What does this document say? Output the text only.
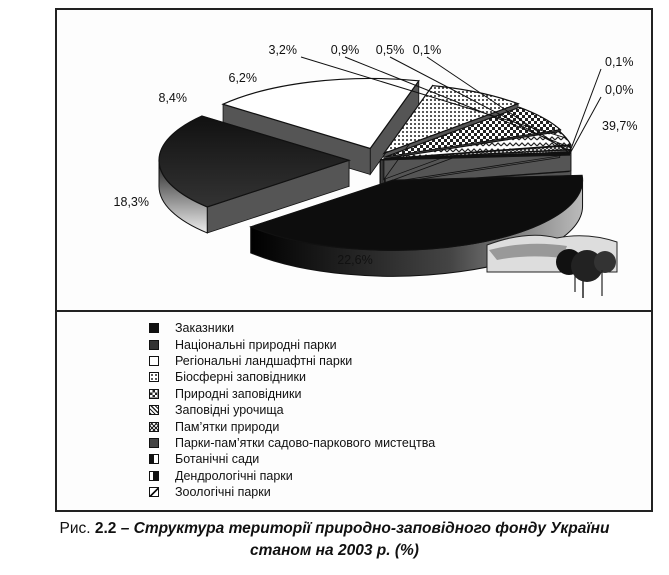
39,7%
22,6%
18,3%
8,4%
6,2%
3,2%	0,9% 0,5% 0,1%
0,1%
0,0%
Заказники
Національні природні парки
Регіональні ландшафтні парки
Біосферні заповідники
Природні заповідники
Заповідні урочища
Пам’ятки природи
Парки-пам’ятки садово-паркового мистецтва
Ботанічні сади
Дендрологічні парки
Зоологічні парки
Рис. 2.2 – Структура території природно-заповідного фонду України
станом на 2003 р. (%)
